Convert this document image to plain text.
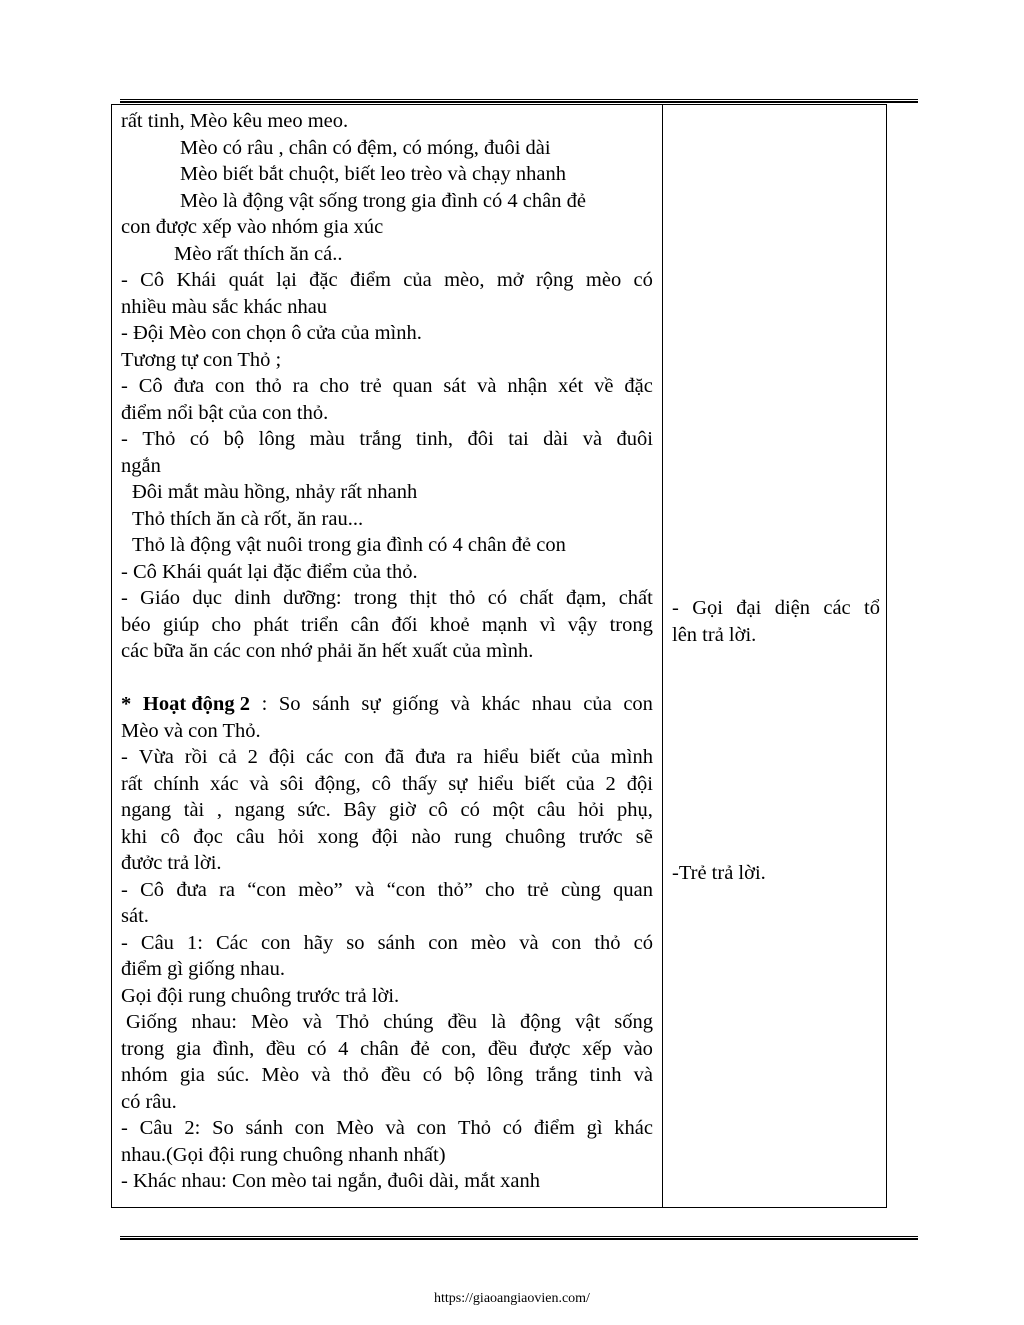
rất tinh, Mèo kêu meo meo.
Mèo có râu , chân có đệm, có móng, đuôi dài
Mèo biết bắt chuột, biết leo trèo và chạy nhanh
Mèo là động vật sống trong gia đình có 4 chân đẻ
con được xếp vào nhóm gia xúc
Mèo rất thích ăn cá..
- Cô Khái quát lại đặc điểm của mèo, mở rộng mèo có
nhiều màu sắc khác nhau
- Đội Mèo con chọn ô cửa của mình.
Tương tự con Thỏ ;
- Cô đưa con thỏ ra cho trẻ quan sát và nhận xét về đặc
điểm nổi bật của con thỏ.
- Thỏ có bộ lông màu trắng tinh, đôi tai dài và đuôi
ngắn
Đôi mắt màu hồng, nhảy rất nhanh
Thỏ thích ăn cà rốt, ăn rau...
Thỏ là động vật nuôi trong gia đình có 4 chân đẻ con
- Cô Khái quát lại đặc điểm của thỏ.
- Giáo dục dinh dưỡng: trong thịt thỏ có chất đạm, chất
béo giúp cho phát triển cân đối khoẻ mạnh vì vậy trong
các bữa ăn các con nhớ phải ăn hết xuất của mình.
* Hoạt động 2 : So sánh sự giống và khác nhau của con
Mèo và con Thỏ.
- Vừa rồi cả 2 đội các con đã đưa ra hiểu biết của mình
rất chính xác và sôi động, cô thấy sự hiểu biết của 2 đội
ngang tài , ngang sức. Bây giờ cô có một câu hỏi phụ,
khi cô đọc câu hỏi xong đội nào rung chuông trước sẽ
đưởc trả lời.
- Cô đưa ra “con mèo” và “con thỏ” cho trẻ cùng quan
sát.
- Câu 1: Các con hãy so sánh con mèo và con thỏ có
điểm gì giống nhau.
Gọi đội rung chuông trước trả lời.
Giống nhau: Mèo và Thỏ chúng đều là động vật sống
trong gia đình, đều có 4 chân đẻ con, đều được xếp vào
nhóm gia súc. Mèo và thỏ đều có bộ lông trắng tinh và
có râu.
- Câu 2: So sánh con Mèo và con Thỏ có điểm gì khác
nhau.(Gọi đội rung chuông nhanh nhất)
- Khác nhau: Con mèo tai ngắn, đuôi dài, mắt xanh
- Gọi đại diện các tổ
lên trả lời.
-Trẻ trả lời.
https://giaoangiaovien.com/
